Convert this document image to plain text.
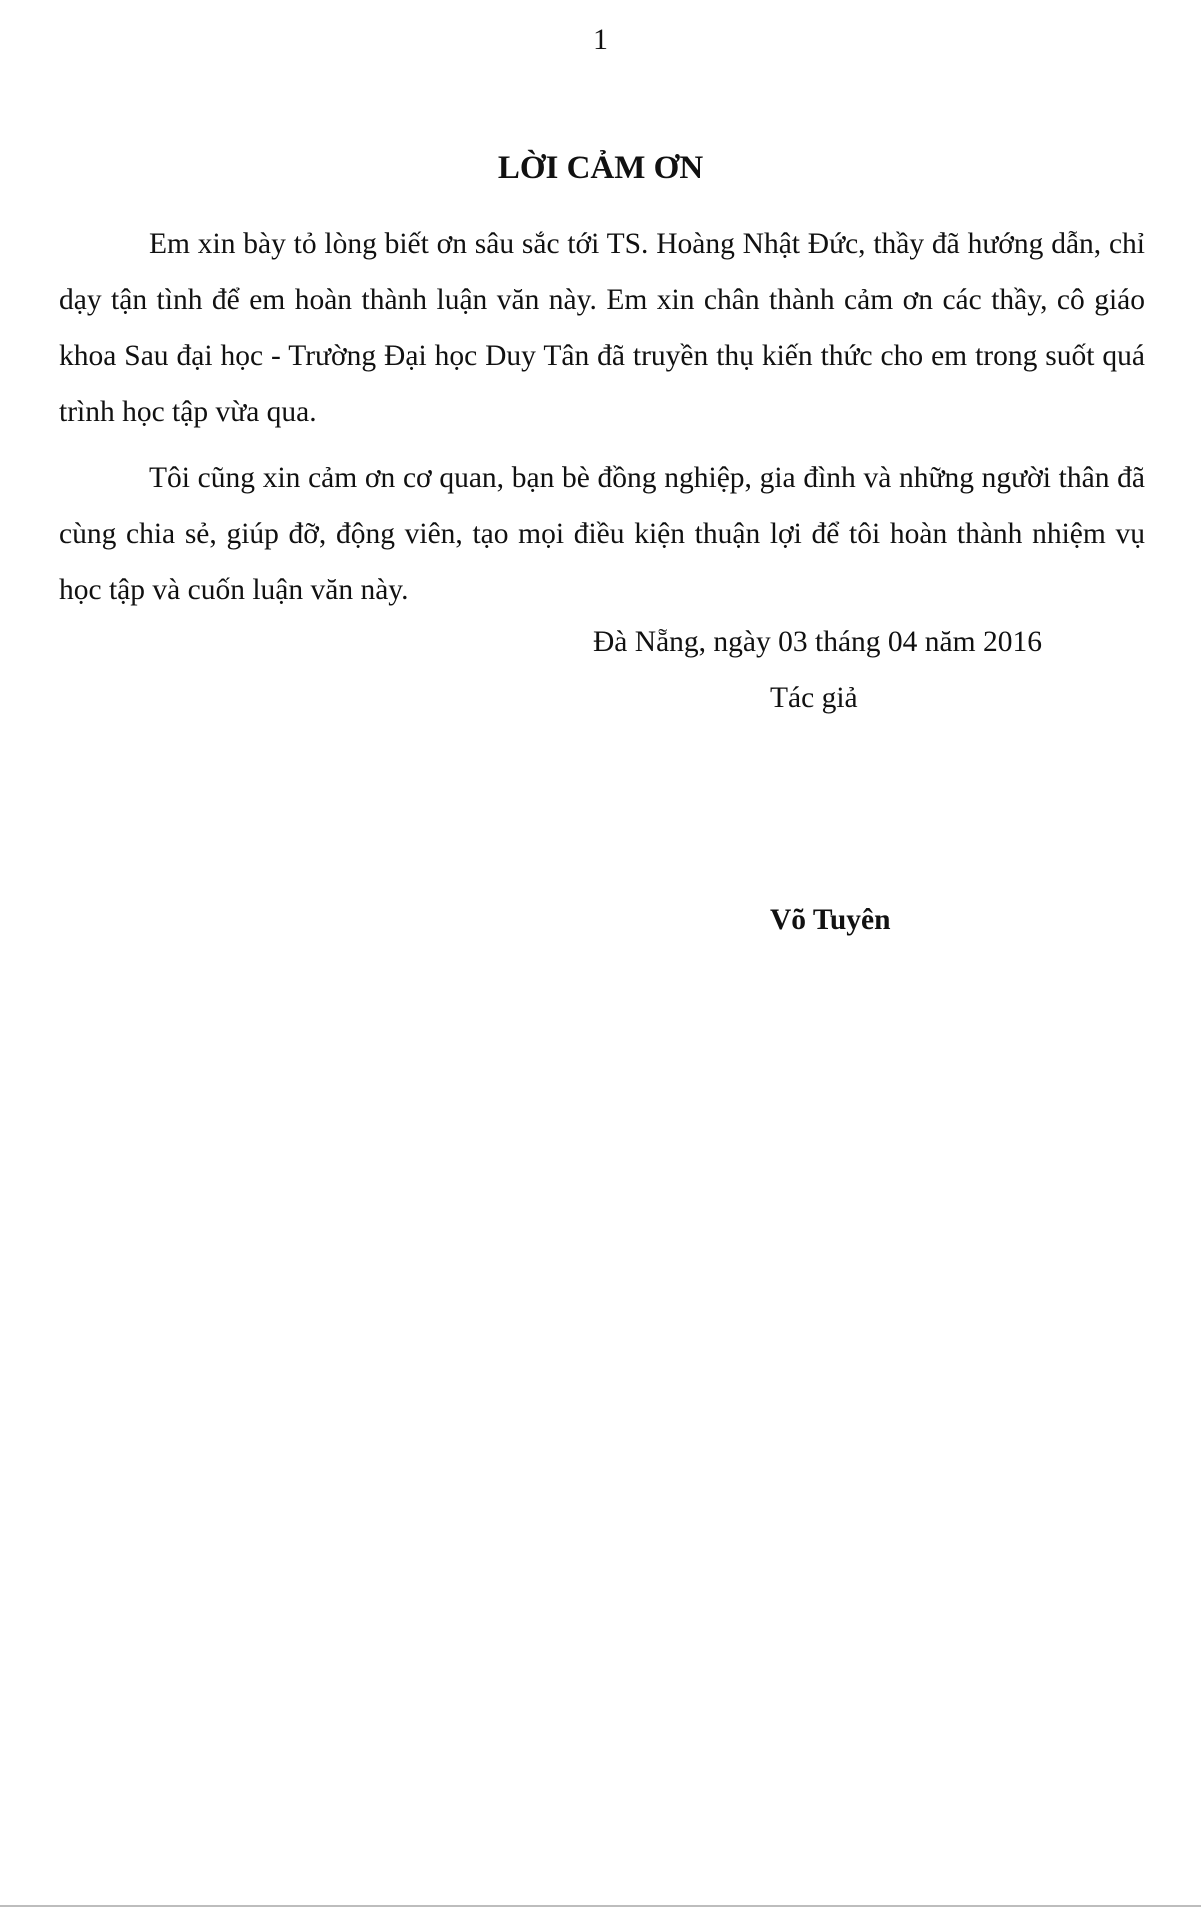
1
LỜI CẢM ƠN

Em xin bày tỏ lòng biết ơn sâu sắc tới TS. Hoàng Nhật Đức, thầy đã hướng dẫn, chỉ dạy tận tình để em hoàn thành luận văn này. Em xin chân thành cảm ơn các thầy, cô giáo khoa Sau đại học - Trường Đại học Duy Tân đã truyền thụ kiến thức cho em trong suốt quá trình học tập vừa qua.

Tôi cũng xin cảm ơn cơ quan, bạn bè đồng nghiệp, gia đình và những người thân đã cùng chia sẻ, giúp đỡ, động viên, tạo mọi điều kiện thuận lợi để tôi hoàn thành nhiệm vụ học tập và cuốn luận văn này.

Đà Nẵng, ngày 03 tháng 04 năm 2016
Tác giả
Võ Tuyên
